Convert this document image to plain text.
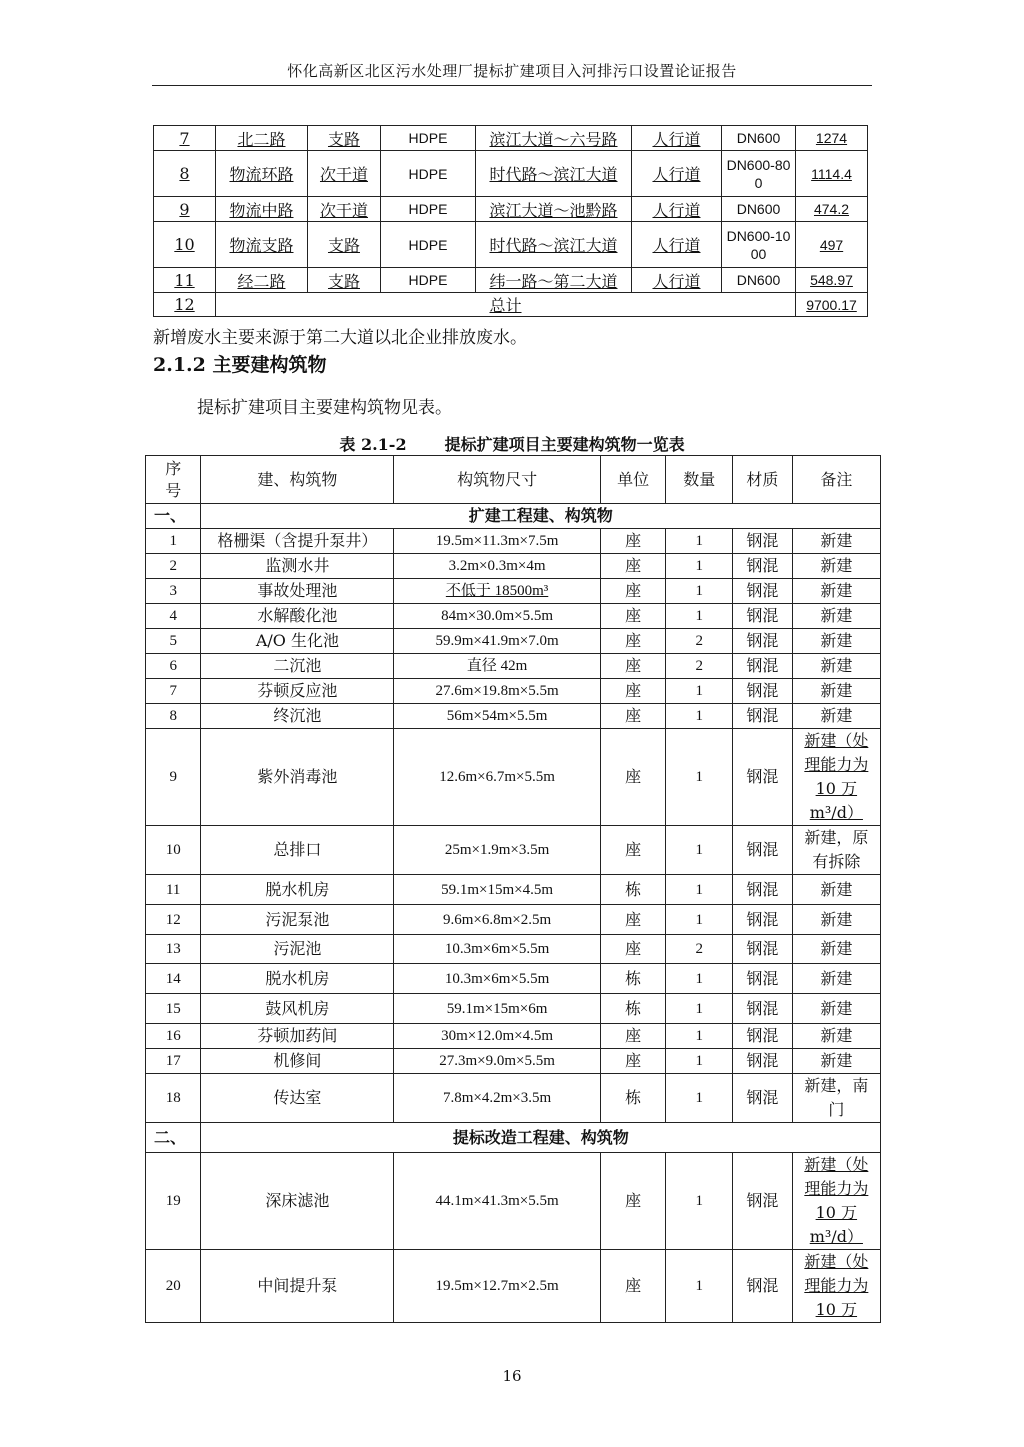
怀化高新区北区污水处理厂提标扩建项目入河排污口设置论证报告
7	北二路	支路	HDPE	滨江大道～六号路	人行道	DN600	1274
8	物流环路	次干道	HDPE	时代路～滨江大道	人行道	DN600-800	1114.4
9	物流中路	次干道	HDPE	滨江大道～池黔路	人行道	DN600	474.2
10	物流支路	支路	HDPE	时代路～滨江大道	人行道	DN600-1000	497
11	经二路	支路	HDPE	纬一路～第二大道	人行道	DN600	548.97
12	总计						9700.17
新增废水主要来源于第二大道以北企业排放废水。
2.1.2 主要建构筑物
提标扩建项目主要建构筑物见表。
表 2.1-2 提标扩建项目主要建构筑物一览表
序号	建、构筑物	构筑物尺寸	单位	数量	材质	备注
一、	扩建工程建、构筑物					
1	格栅渠（含提升泵井）	19.5m×11.3m×7.5m	座	1	钢混	新建
2	监测水井	3.2m×0.3m×4m	座	1	钢混	新建
3	事故处理池	不低于 18500m³	座	1	钢混	新建
4	水解酸化池	84m×30.0m×5.5m	座	1	钢混	新建
5	A/O 生化池	59.9m×41.9m×7.0m	座	2	钢混	新建
6	二沉池	直径 42m	座	2	钢混	新建
7	芬顿反应池	27.6m×19.8m×5.5m	座	1	钢混	新建
8	终沉池	56m×54m×5.5m	座	1	钢混	新建
9	紫外消毒池	12.6m×6.7m×5.5m	座	1	钢混	新建（处理能力为 10 万 m³/d）
10	总排口	25m×1.9m×3.5m	座	1	钢混	新建，原有拆除
11	脱水机房	59.1m×15m×4.5m	栋	1	钢混	新建
12	污泥泵池	9.6m×6.8m×2.5m	座	1	钢混	新建
13	污泥池	10.3m×6m×5.5m	座	2	钢混	新建
14	脱水机房	10.3m×6m×5.5m	栋	1	钢混	新建
15	鼓风机房	59.1m×15m×6m	栋	1	钢混	新建
16	芬顿加药间	30m×12.0m×4.5m	座	1	钢混	新建
17	机修间	27.3m×9.0m×5.5m	座	1	钢混	新建
18	传达室	7.8m×4.2m×3.5m	栋	1	钢混	新建，南门
二、	提标改造工程建、构筑物					
19	深床滤池	44.1m×41.3m×5.5m	座	1	钢混	新建（处理能力为 10 万 m³/d）
20	中间提升泵	19.5m×12.7m×2.5m	座	1	钢混	新建（处理能力为 10 万
16
